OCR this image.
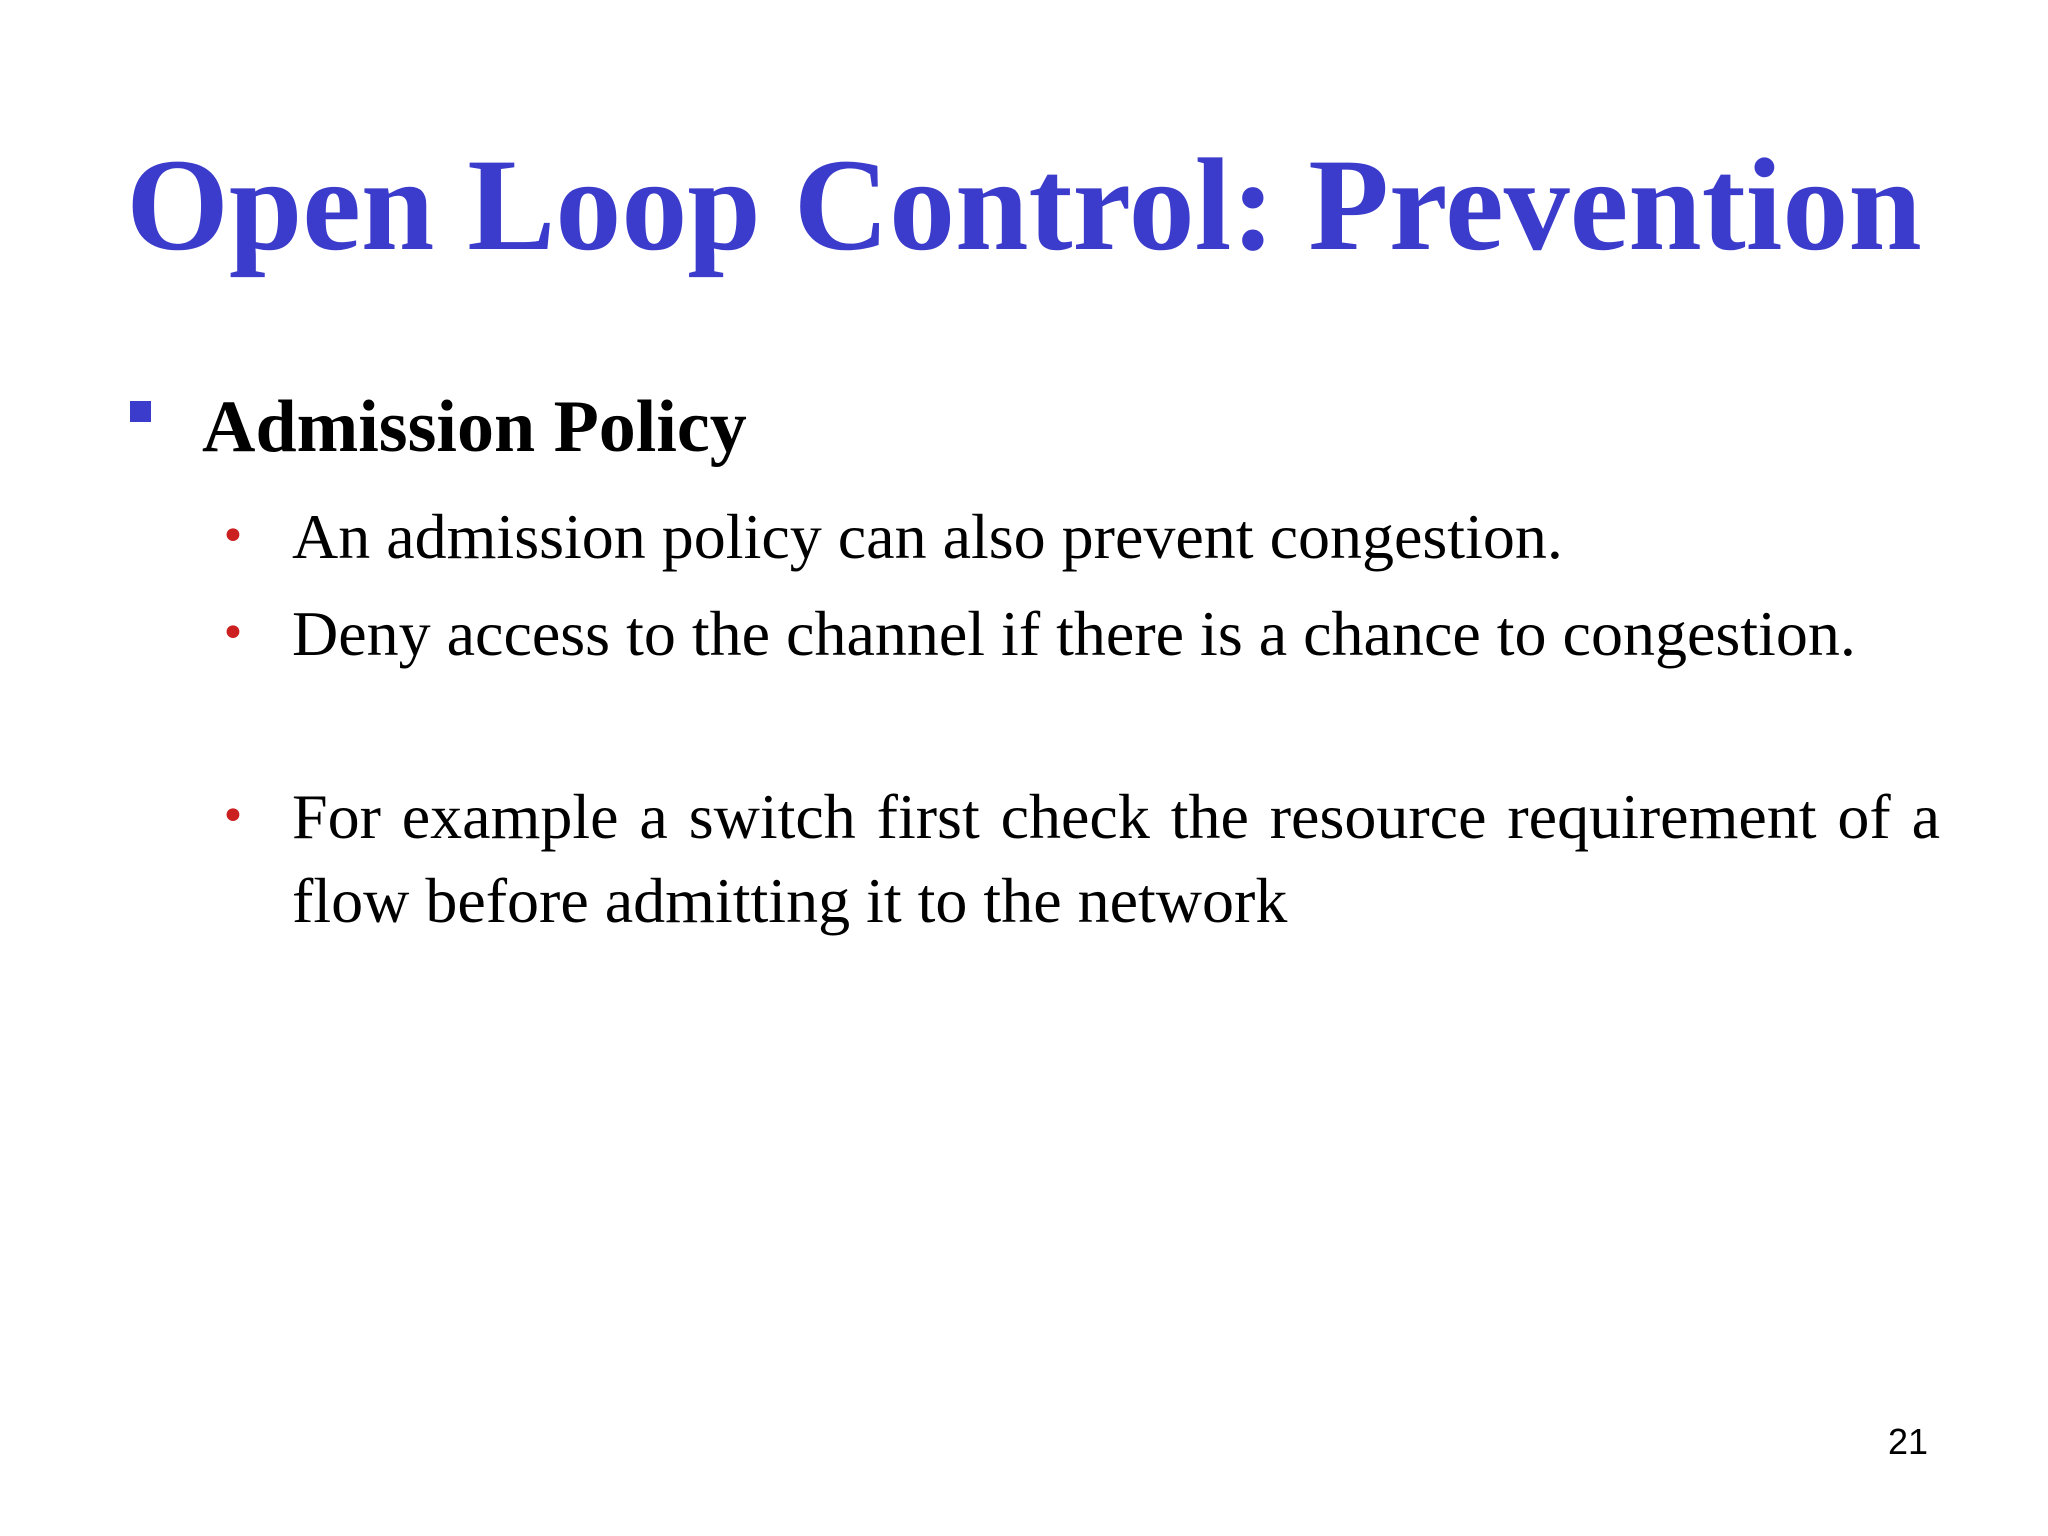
Open Loop Control: Prevention
Admission Policy
• An admission policy can also prevent congestion.
• Deny access to the channel if there is a chance to congestion.
• For example a switch first check the resource requirement of a flow before admitting it to the network
21
